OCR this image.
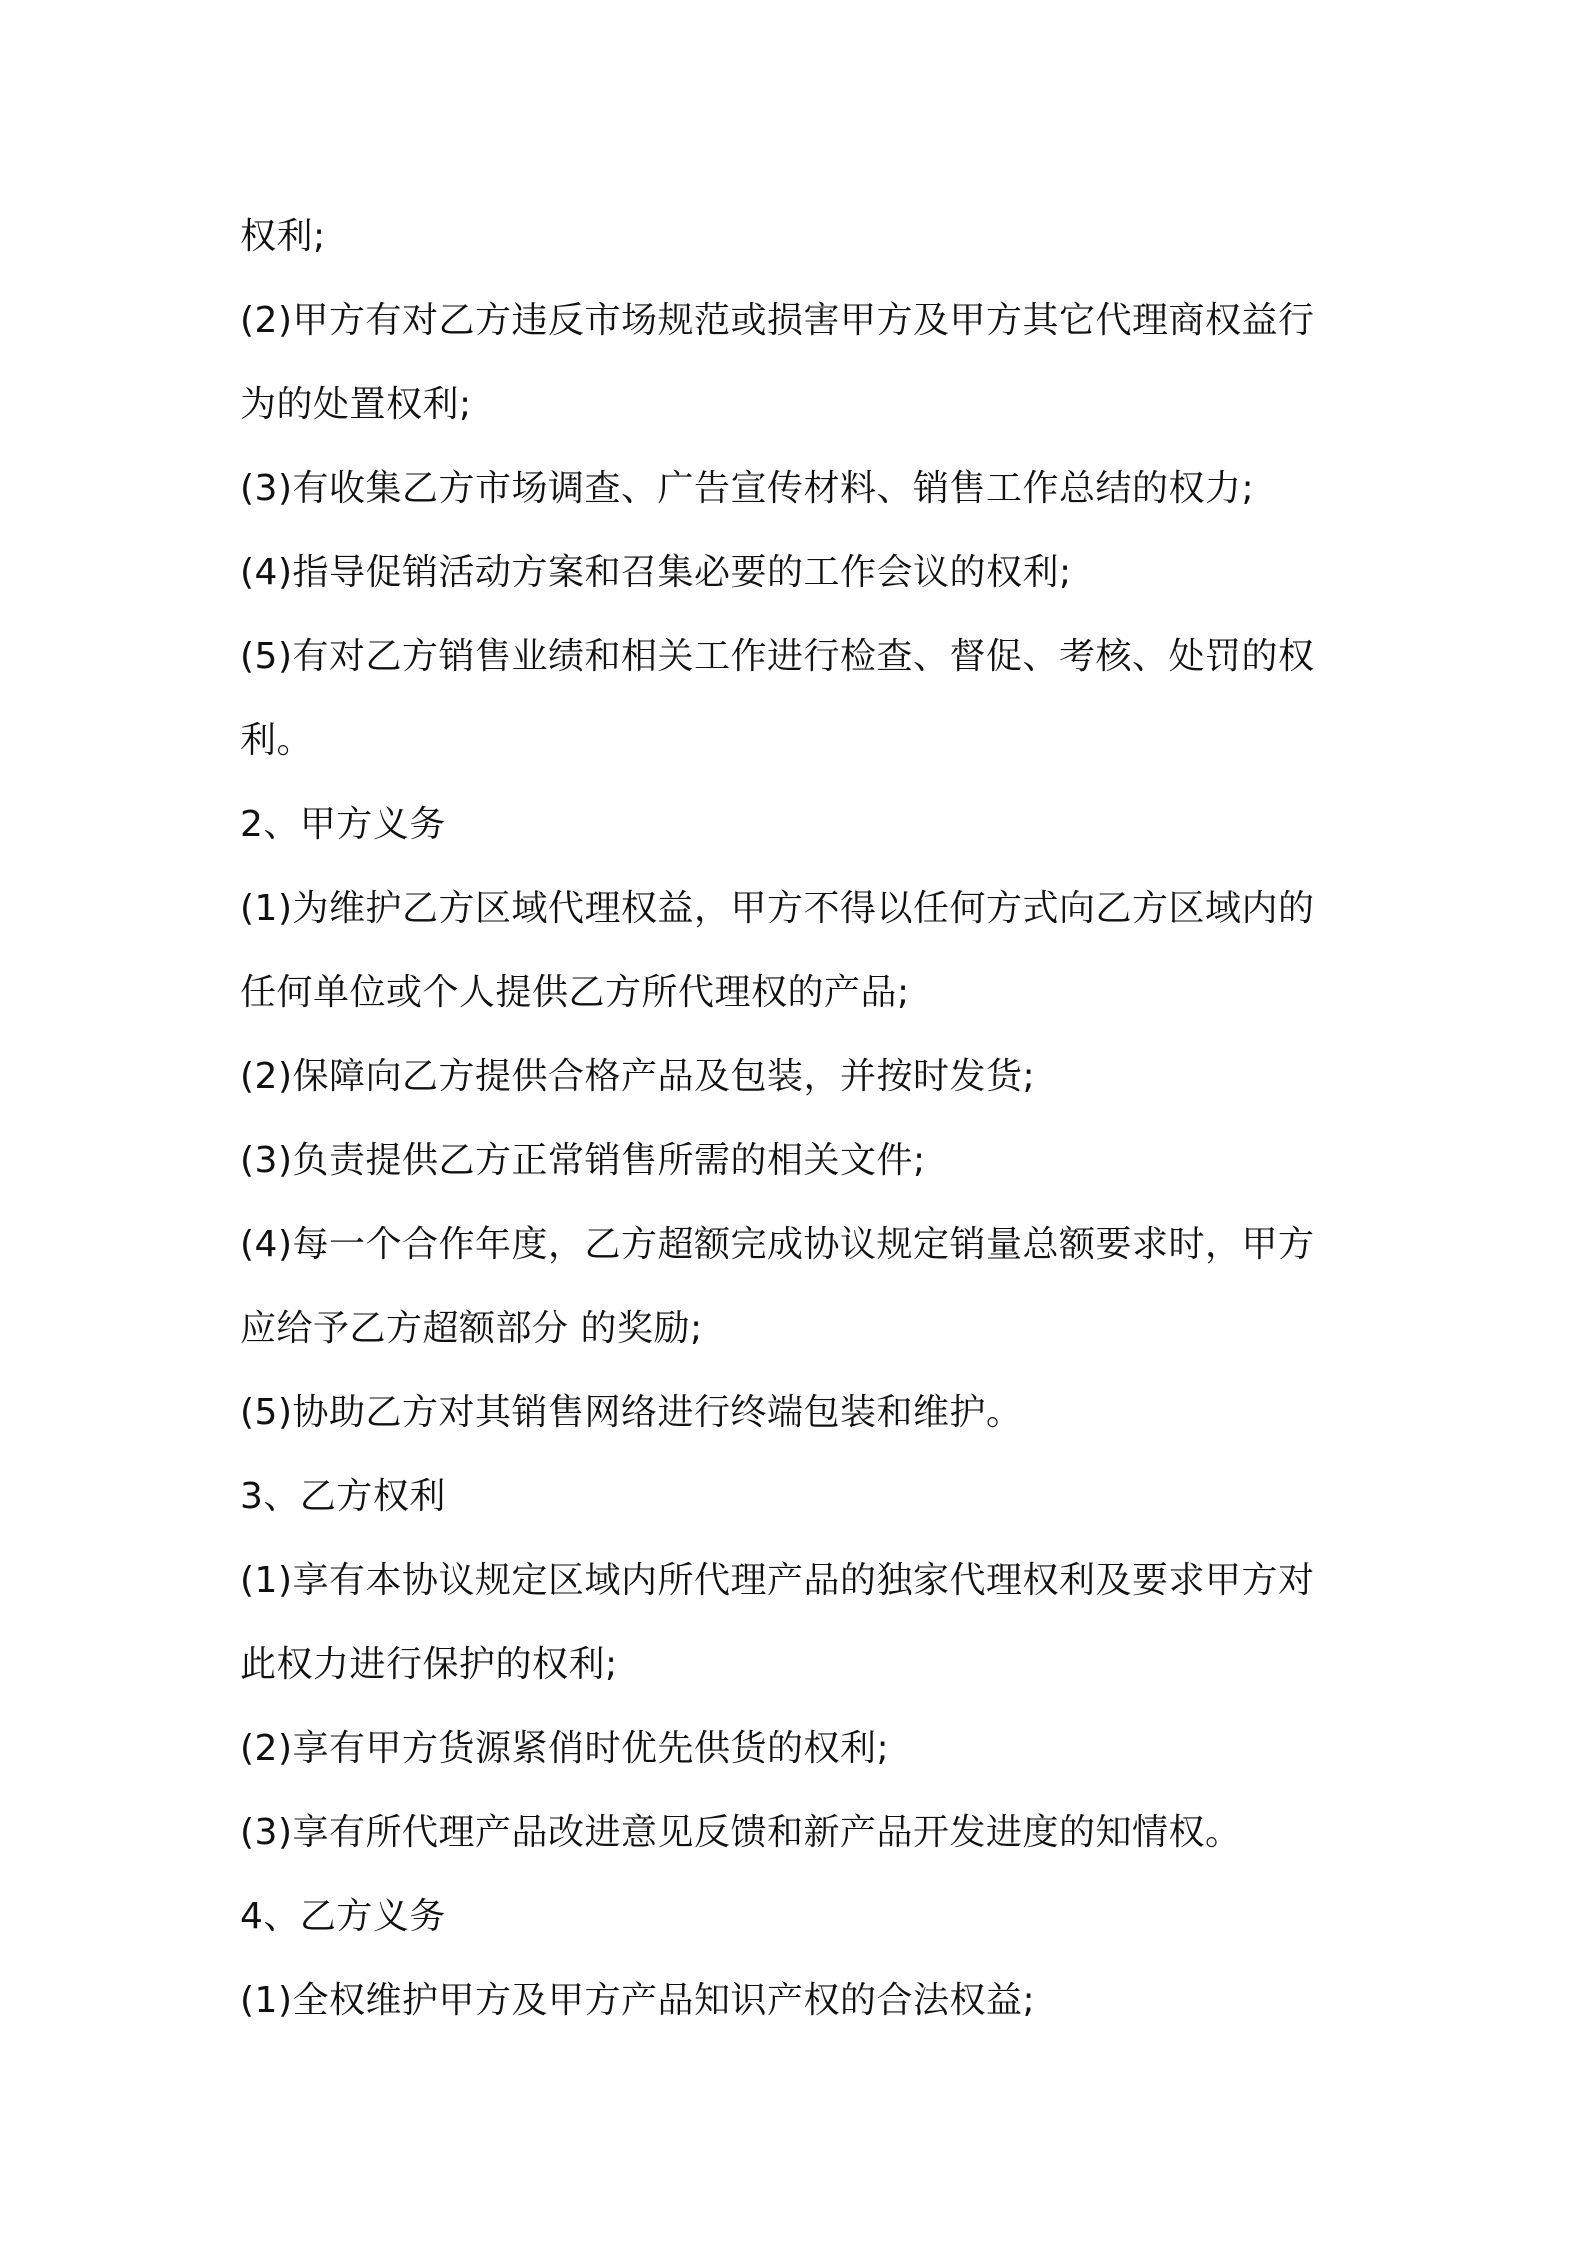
权利;
(2)甲方有对乙方违反市场规范或损害甲方及甲方其它代理商权益行
为的处置权利;
(3)有收集乙方市场调查、广告宣传材料、销售工作总结的权力;
(4)指导促销活动方案和召集必要的工作会议的权利;
(5)有对乙方销售业绩和相关工作进行检查、督促、考核、处罚的权
利。
2、甲方义务
(1)为维护乙方区域代理权益，甲方不得以任何方式向乙方区域内的
任何单位或个人提供乙方所代理权的产品;
(2)保障向乙方提供合格产品及包装，并按时发货;
(3)负责提供乙方正常销售所需的相关文件;
(4)每一个合作年度，乙方超额完成协议规定销量总额要求时，甲方
应给予乙方超额部分 的奖励;
(5)协助乙方对其销售网络进行终端包装和维护。
3、乙方权利
(1)享有本协议规定区域内所代理产品的独家代理权利及要求甲方对
此权力进行保护的权利;
(2)享有甲方货源紧俏时优先供货的权利;
(3)享有所代理产品改进意见反馈和新产品开发进度的知情权。
4、乙方义务
(1)全权维护甲方及甲方产品知识产权的合法权益;
